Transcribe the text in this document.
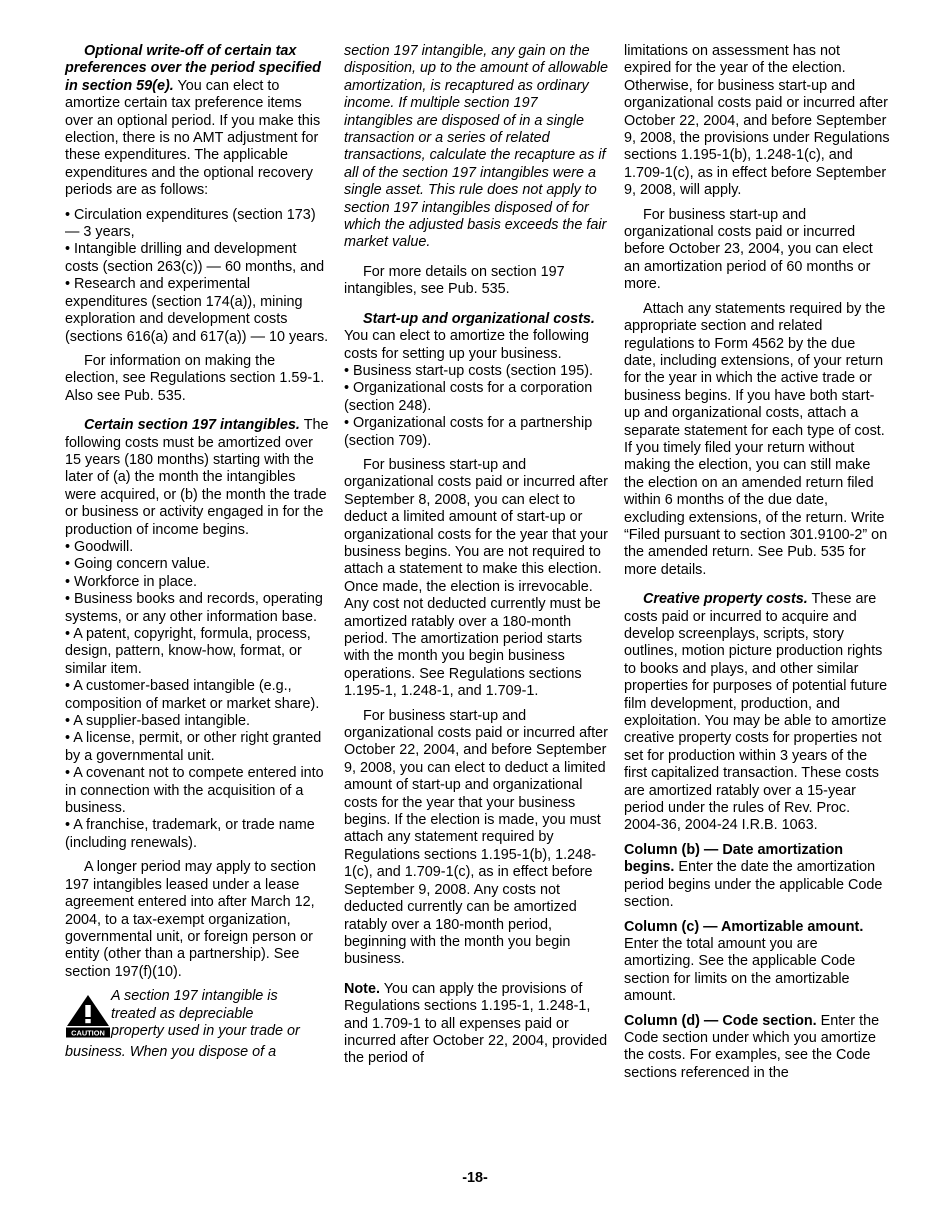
Optional write-off of certain tax preferences over the period specified in section 59(e). You can elect to amortize certain tax preference items over an optional period. If you make this election, there is no AMT adjustment for these expenditures. The applicable expenditures and the optional recovery periods are as follows:

• Circulation expenditures (section 173) — 3 years,

• Intangible drilling and development costs (section 263(c)) — 60 months, and

• Research and experimental expenditures (section 174(a)), mining exploration and development costs (sections 616(a) and 617(a)) — 10 years.

For information on making the election, see Regulations section 1.59-1. Also see Pub. 535.

Certain section 197 intangibles. The following costs must be amortized over 15 years (180 months) starting with the later of (a) the month the intangibles were acquired, or (b) the month the trade or business or activity engaged in for the production of income begins.

• Goodwill.

• Going concern value.

• Workforce in place.

• Business books and records, operating systems, or any other information base.

• A patent, copyright, formula, process, design, pattern, know-how, format, or similar item.

• A customer-based intangible (e.g., composition of market or market share).

• A supplier-based intangible.

• A license, permit, or other right granted by a governmental unit.

• A covenant not to compete entered into in connection with the acquisition of a business.

• A franchise, trademark, or trade name (including renewals).

A longer period may apply to section 197 intangibles leased under a lease agreement entered into after March 12, 2004, to a tax-exempt organization, governmental unit, or foreign person or entity (other than a partnership). See section 197(f)(10).

CAUTION

A section 197 intangible is

treated as depreciable

property used in your trade or

business. When you dispose of a

section 197 intangible, any gain on the disposition, up to the amount of allowable amortization, is recaptured as ordinary income. If multiple section 197 intangibles are disposed of in a single transaction or a series of related transactions, calculate the recapture as if all of the section 197 intangibles were a single asset. This rule does not apply to section 197 intangibles disposed of for which the adjusted basis exceeds the fair market value.

For more details on section 197 intangibles, see Pub. 535.

Start-up and organizational costs. You can elect to amortize the following costs for setting up your business.

• Business start-up costs (section 195).

• Organizational costs for a corporation (section 248).

• Organizational costs for a partnership (section 709).

For business start-up and organizational costs paid or incurred after September 8, 2008, you can elect to deduct a limited amount of start-up or organizational costs for the year that your business begins. You are not required to attach a statement to make this election. Once made, the election is irrevocable. Any cost not deducted currently must be amortized ratably over a 180-month period. The amortization period starts with the month you begin business operations. See Regulations sections 1.195-1, 1.248-1, and 1.709-1.

For business start-up and organizational costs paid or incurred after October 22, 2004, and before September 9, 2008, you can elect to deduct a limited amount of start-up and organizational costs for the year that your business begins. If the election is made, you must attach any statement required by Regulations sections 1.195-1(b), 1.248-1(c), and 1.709-1(c), as in effect before September 9, 2008. Any costs not deducted currently can be amortized ratably over a 180-month period, beginning with the month you begin business.

Note. You can apply the provisions of Regulations sections 1.195-1, 1.248-1, and 1.709-1 to all expenses paid or incurred after October 22, 2004, provided the period of

limitations on assessment has not expired for the year of the election. Otherwise, for business start-up and organizational costs paid or incurred after October 22, 2004, and before September 9, 2008, the provisions under Regulations sections 1.195-1(b), 1.248-1(c), and 1.709-1(c), as in effect before September 9, 2008, will apply.

For business start-up and organizational costs paid or incurred before October 23, 2004, you can elect an amortization period of 60 months or more.

Attach any statements required by the appropriate section and related regulations to Form 4562 by the due date, including extensions, of your return for the year in which the active trade or business begins. If you have both start-up and organizational costs, attach a separate statement for each type of cost. If you timely filed your return without making the election, you can still make the election on an amended return filed within 6 months of the due date, excluding extensions, of the return. Write “Filed pursuant to section 301.9100-2” on the amended return. See Pub. 535 for more details.

Creative property costs. These are costs paid or incurred to acquire and develop screenplays, scripts, story outlines, motion picture production rights to books and plays, and other similar properties for purposes of potential future film development, production, and exploitation. You may be able to amortize creative property costs for properties not set for production within 3 years of the first capitalized transaction. These costs are amortized ratably over a 15-year period under the rules of Rev. Proc. 2004-36, 2004-24 I.R.B. 1063.

Column (b) — Date amortization begins. Enter the date the amortization period begins under the applicable Code section.

Column (c) — Amortizable amount. Enter the total amount you are amortizing. See the applicable Code section for limits on the amortizable amount.

Column (d) — Code section. Enter the Code section under which you amortize the costs. For examples, see the Code sections referenced in the

-18-
